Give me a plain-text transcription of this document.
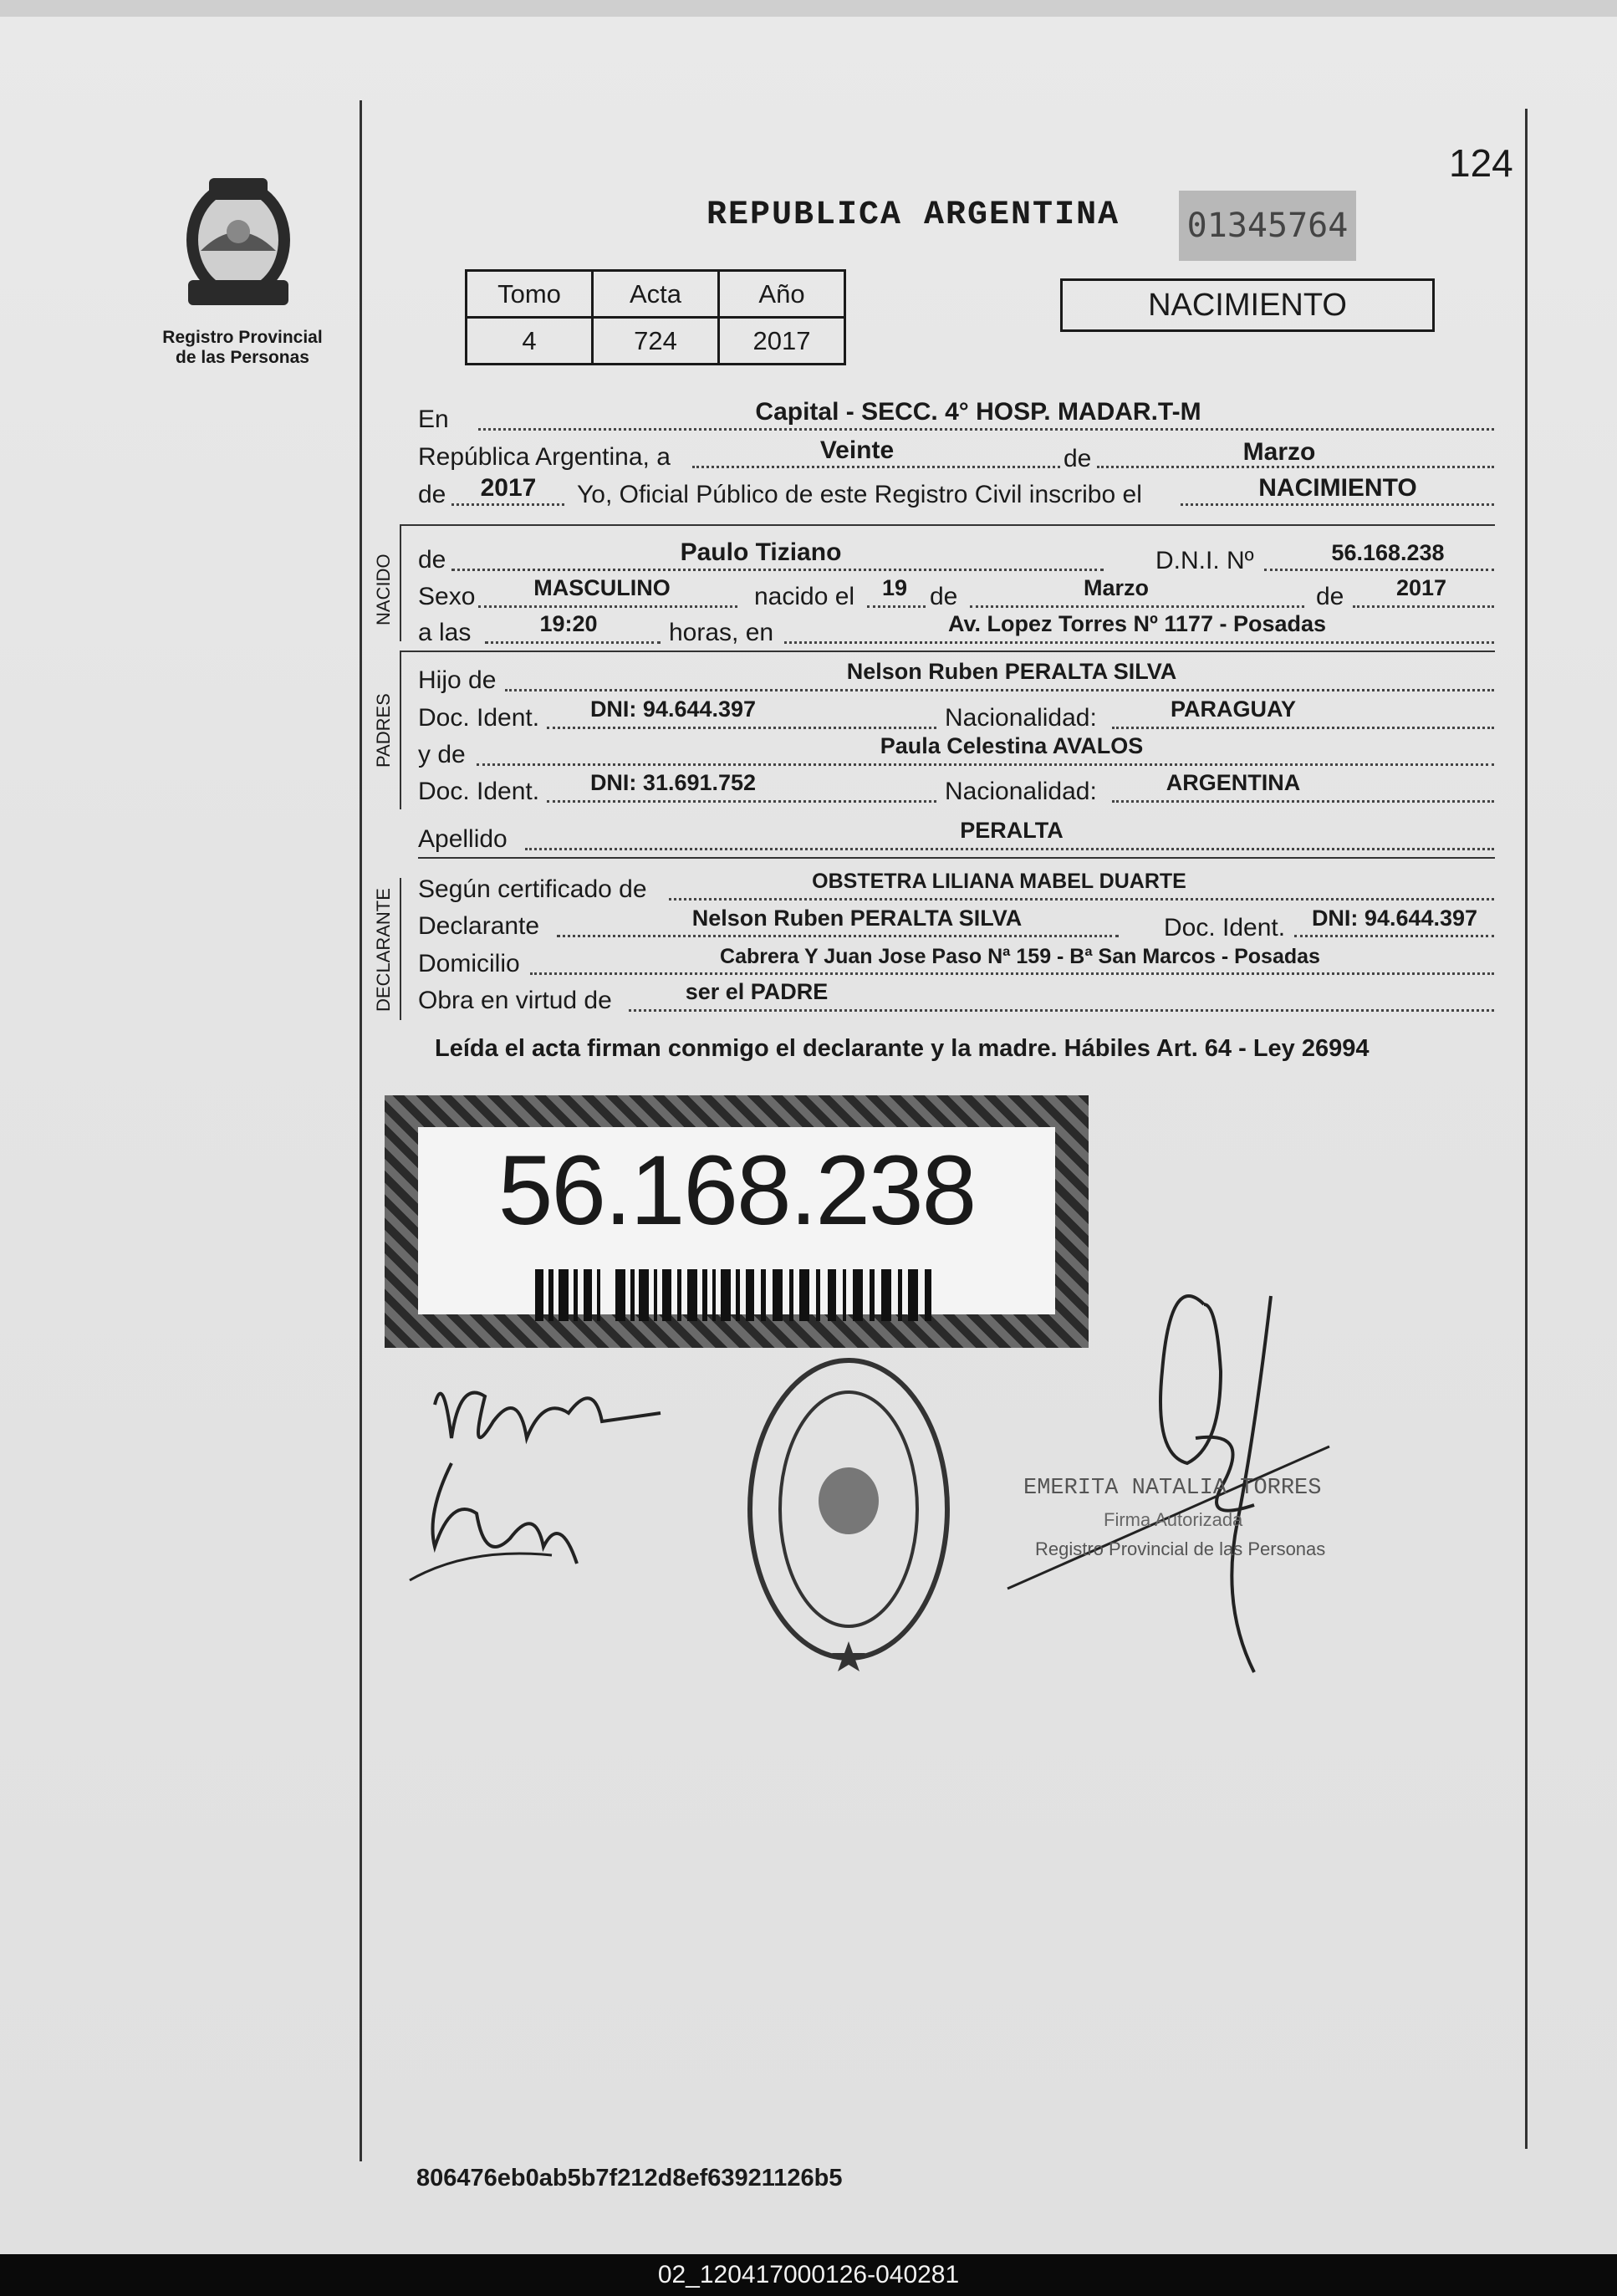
Registro Provincial
de las Personas
124
REPUBLICA ARGENTINA 01345764
Tomo	Acta	Año
4	724	2017
NACIMIENTO
En	Capital - SECC. 4° HOSP. MADAR.T-M
República Argentina, a	Veinte	de	Marzo
de	2017	Yo, Oficial Público de este Registro Civil inscribo el	NACIMIENTO
NACIDO de	Paulo Tiziano	D.N.I. Nº	56.168.238
Sexo	MASCULINO	nacido el	19 de	Marzo	de	2017
a las	19:20	horas, en	Av. Lopez Torres Nº 1177 - Posadas
PADRES
Hijo de	Nelson Ruben PERALTA SILVA
Doc. Ident.	DNI: 94.644.397	Nacionalidad:	PARAGUAY
y de	Paula Celestina AVALOS
Doc. Ident.	DNI: 31.691.752	Nacionalidad:	ARGENTINA
Apellido	PERALTA
DECLARANTE Según certificado de	OBSTETRA LILIANA MABEL DUARTE
Declarante	Nelson Ruben PERALTA SILVA	Doc. Ident.	DNI: 94.644.397
Domicilio	Cabrera Y Juan Jose Paso Nª 159 - Bª San Marcos - Posadas
Obra en virtud de	ser el PADRE
Leída el acta firman conmigo el declarante y la madre. Hábiles Art. 64 - Ley 26994
56.168.238
EMERITA NATALIA TORRES
Firma Autorizada
Registro Provincial de las Personas
806476eb0ab5b7f212d8ef63921126b5
02_120417000126-040281
